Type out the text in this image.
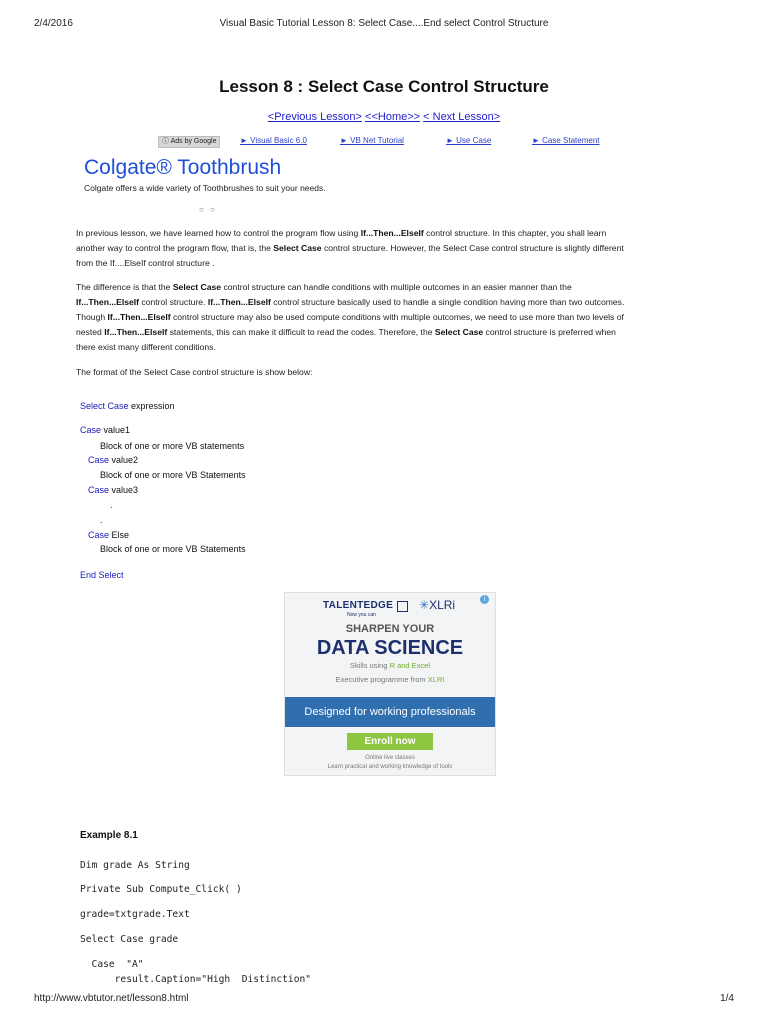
2/4/2016	Visual Basic Tutorial Lesson 8: Select Case....End select Control Structure
Lesson 8 : Select Case Control Structure
<Previous Lesson> <<Home>> < Next Lesson>
ⓘ Ads by Google	► Visual Basic 6.0	► VB Net Tutorial	► Use Case	► Case Statement
Colgate® Toothbrush
Colgate offers a wide variety of Toothbrushes to suit your needs.
○ ○
In previous lesson, we have learned how to control the program flow using If...Then...ElseIf control structure. In this chapter, you shall learn another way to control the program flow, that is, the Select Case control structure. However, the Select Case control structure is slightly different from the If....ElseIf control structure .
The difference is that the Select Case control structure can handle conditions with multiple outcomes in an easier manner than the If...Then...ElseIf control structure. If...Then...ElseIf control structure basically used to handle a single condition having more than two outcomes. Though If...Then...ElseIf control structure may also be used compute conditions with multiple outcomes, we need to use more than two levels of nested If...Then...ElseIf statements, this can make it difficult to read the codes. Therefore, the Select Case control structure is preferred when there exist many different conditions.
The format of the Select Case control structure is show below:
Select Case expression
Case value1
Block of one or more VB statements
Case value2
Block of one or more VB Statements
Case value3
.
.
Case Else
Block of one or more VB Statements
End Select
i
TALENTEDGE
Now you can
✳XLRi
SHARPEN YOUR
DATA SCIENCE
Skills using R and Excel
Executive programme from XLRI
Designed for working professionals
Enroll now
Online live classes
Learn practical and working knowledge of tools
Example 8.1
Dim grade As String
Private Sub Compute_Click( )
grade=txtgrade.Text
Select Case grade
Case  "A"
result.Caption="High  Distinction"
http://www.vbtutor.net/lesson8.html	1/4
